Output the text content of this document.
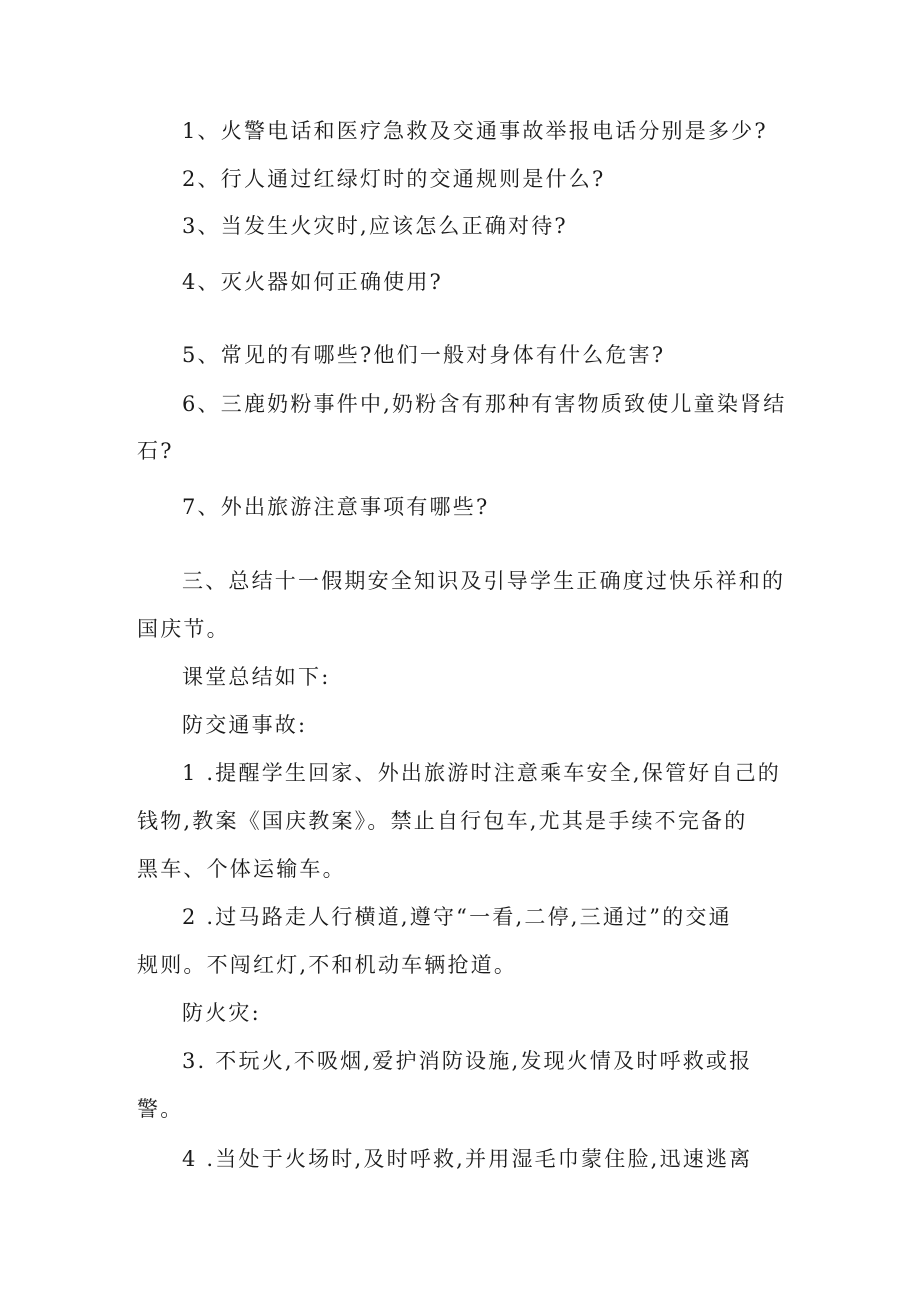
1、火警电话和医疗急救及交通事故举报电话分别是多少?
2、行人通过红绿灯时的交通规则是什么?
3、当发生火灾时,应该怎么正确对待?
4、灭火器如何正确使用?
5、常见的有哪些?他们一般对身体有什么危害?
6、三鹿奶粉事件中,奶粉含有那种有害物质致使儿童染肾结
石?
7、外出旅游注意事项有哪些?
三、总结十一假期安全知识及引导学生正确度过快乐祥和的
国庆节。
课堂总结如下:
防交通事故:
1 .提醒学生回家、外出旅游时注意乘车安全,保管好自己的
钱物,教案《国庆教案》。禁止自行包车,尤其是手续不完备的
黑车、个体运输车。
2 .过马路走人行横道,遵守“一看,二停,三通过”的交通
规则。不闯红灯,不和机动车辆抢道。
防火灾:
3. 不玩火,不吸烟,爱护消防设施,发现火情及时呼救或报
警。
4 .当处于火场时,及时呼救,并用湿毛巾蒙住脸,迅速逃离
